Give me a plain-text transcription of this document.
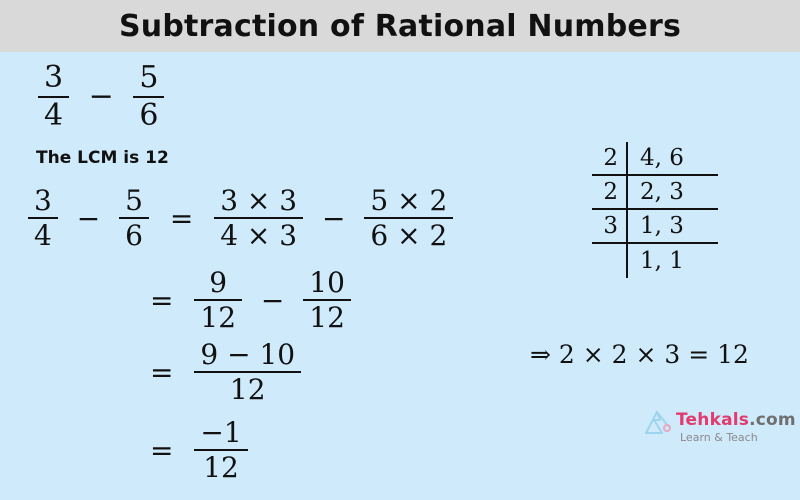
Subtraction of Rational Numbers
$\frac{3}{4} - \frac{5}{6}$
The LCM is 12
$\frac{3}{4} - \frac{5}{6} = \frac{3 \times 3}{4 \times 3} - \frac{5 \times 2}{6 \times 2}$
= $\frac{9}{12} - \frac{10}{12}$
= $\frac{9 - 10}{12}$
= $\frac{-1}{12}$
2 4, 6
2 2, 3
3 1, 3
1, 1
⇒ 2 × 2 × 3 = 12
Tehkals.com
Learn & Teach
